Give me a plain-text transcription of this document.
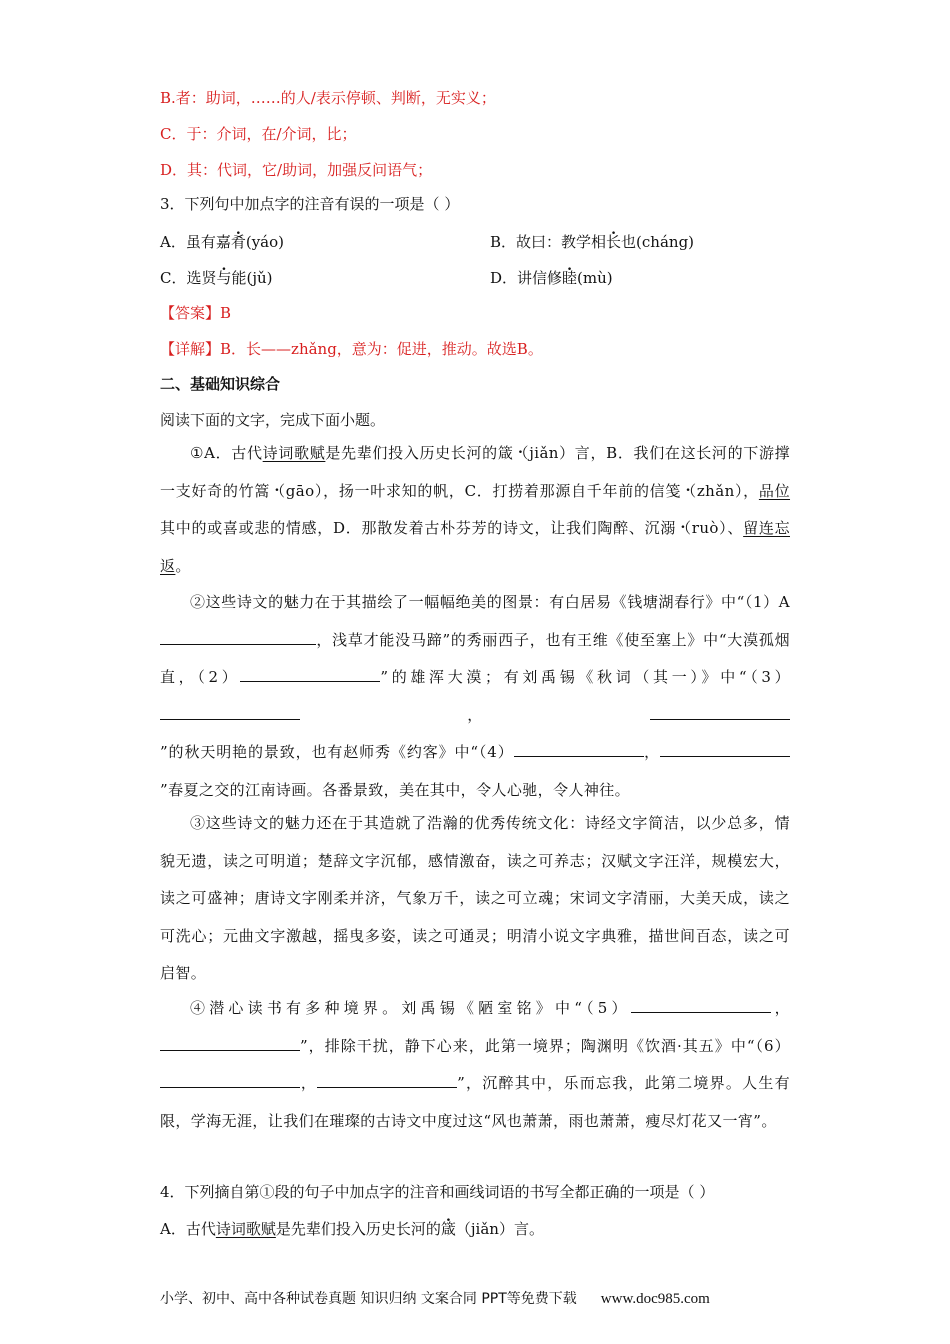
B.者：助词，……的人/表示停顿、判断，无实义；
C．于：介词，在/介词，比；
D．其：代词，它/助词，加强反问语气；
3．下列句中加点字的注音有误的一项是（ ）
A．虽有嘉肴(yáo)	B．故曰：教学相长也(cháng)
C．选贤与能(jǔ)	D．讲信修睦(mù)
【答案】B
【详解】B．长——zhǎng，意为：促进，推动。故选B。
二、基础知识综合
阅读下面的文字，完成下面小题。
①A．古代诗词歌赋是先辈们投入历史长河的箴 .（jiǎn）言，B．我们在这长河的下游撑一支好奇的竹篙 .（gāo），扬一叶求知的帆，C．打捞着那源自千年前的信笺 .（zhǎn），品位其中的或喜或悲的情感，D．那散发着古朴芬芳的诗文，让我们陶醉、沉溺 .（ruò）、留连忘返。
②这些诗文的魅力在于其描绘了一幅幅绝美的图景：有白居易《钱塘湖春行》中“（1）A，浅草才能没马蹄”的秀丽西子，也有王维《使至塞上》中“大漠孤烟直，（2）	”的雄浑大漠；有刘禹锡《秋词（其一）》中“（3），”的秋天明艳的景致，也有赵师秀《约客》中“（4）	，”春夏之交的江南诗画。各番景致，美在其中，令人心驰，令人神往。
③这些诗文的魅力还在于其造就了浩瀚的优秀传统文化：诗经文字简洁，以少总多，情貌无遗，读之可明道；楚辞文字沉郁，感情激奋，读之可养志；汉赋文字汪洋，规模宏大，读之可盛神；唐诗文字刚柔并济，气象万千，读之可立魂；宋词文字清丽，大美天成，读之可洗心；元曲文字激越，摇曳多姿，读之可通灵；明清小说文字典雅，描世间百态，读之可启智。
④潜心读书有多种境界。刘禹锡《陋室铭》中“（5）	，”，排除干扰，静下心来，此第一境界；陶渊明《饮酒·其五》中“（6），	”，沉醉其中，乐而忘我，此第二境界。人生有限，学海无涯，让我们在璀璨的古诗文中度过这“风也萧萧，雨也萧萧，瘦尽灯花又一宵”。
4．下列摘自第①段的句子中加点字的注音和画线词语的书写全都正确的一项是（ ）
A．古代诗词歌赋是先辈们投入历史长河的箴（jiǎn）言。
小学、初中、高中各种试卷真题 知识归纳 文案合同 PPT等免费下载 www.doc985.com
